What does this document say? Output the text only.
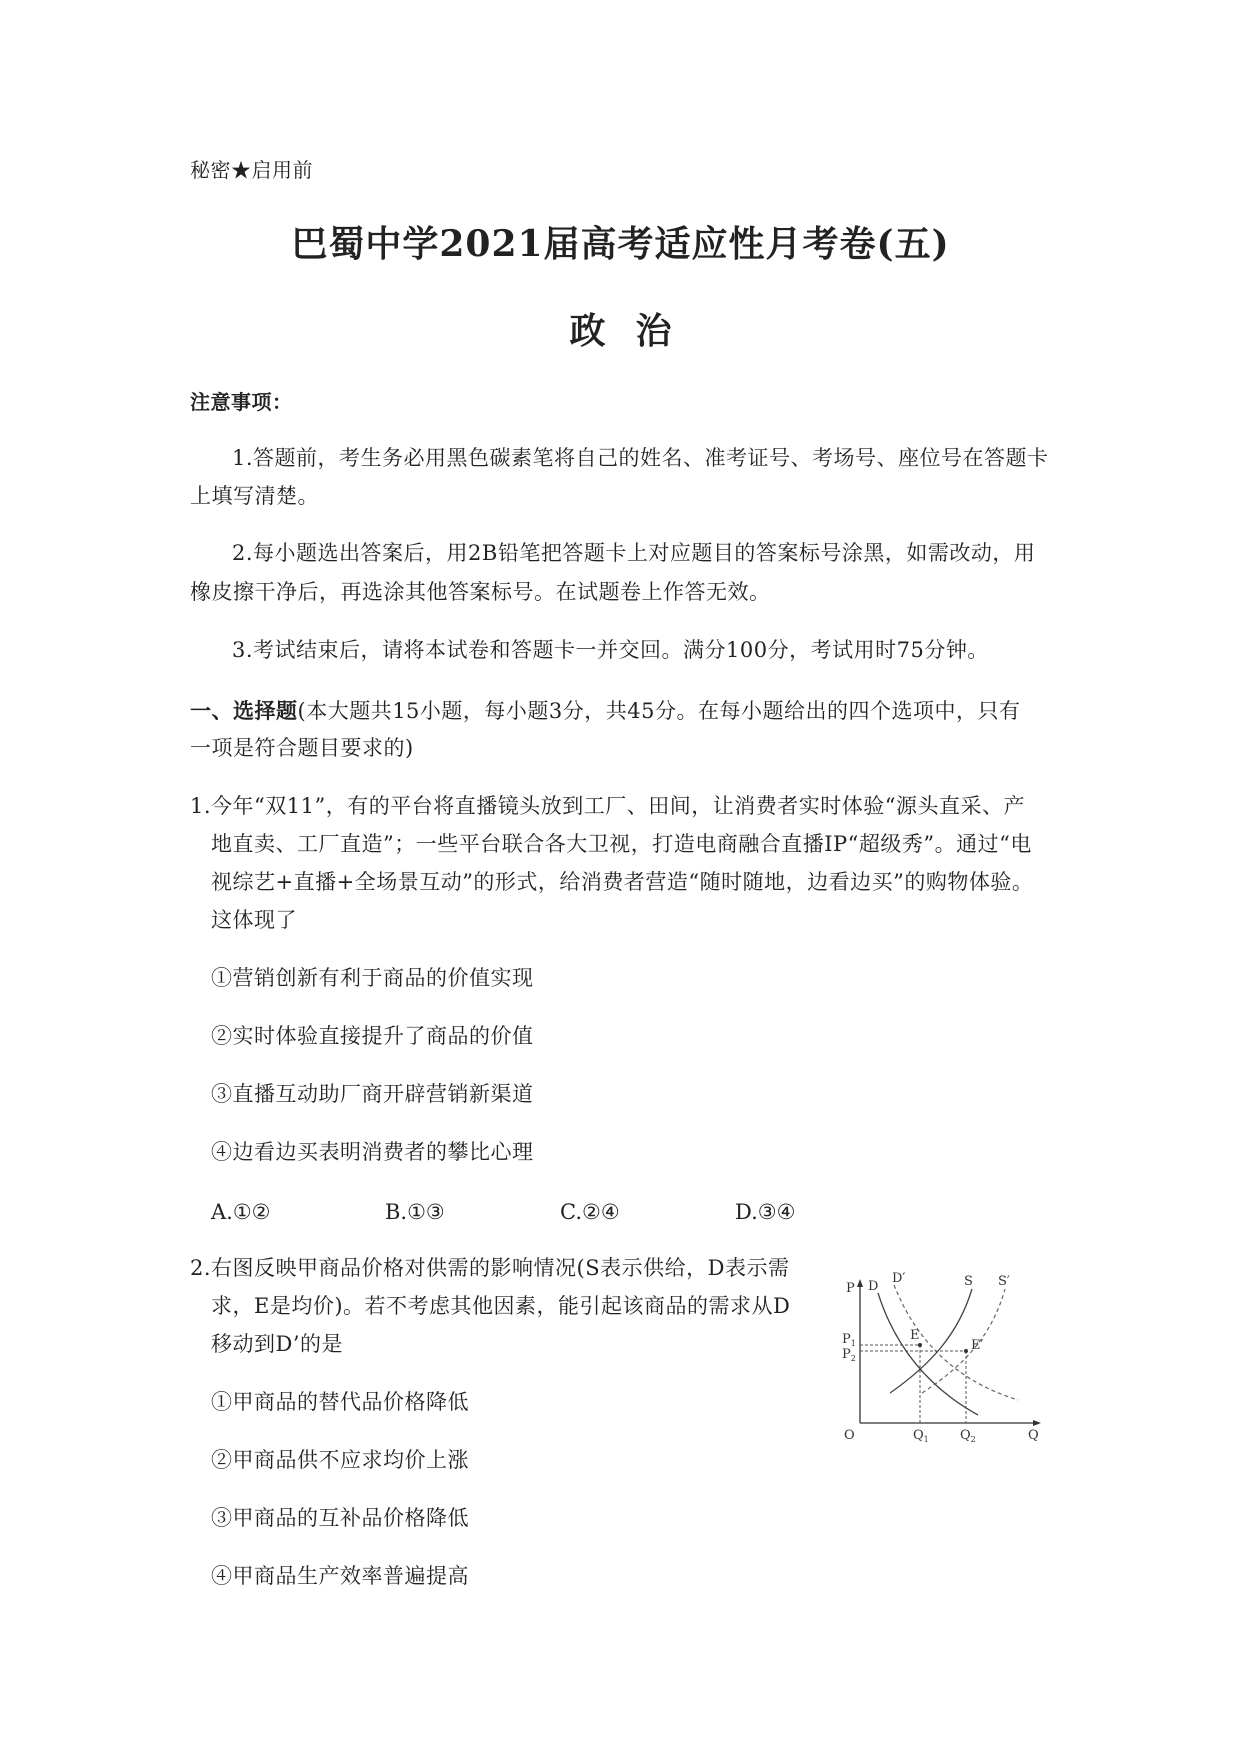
秘密★启用前
巴蜀中学2021届高考适应性月考卷(五)
政治
注意事项：
1.答题前，考生务必用黑色碳素笔将自己的姓名、准考证号、考场号、座位号在答题卡
上填写清楚。
2.每小题选出答案后，用2B铅笔把答题卡上对应题目的答案标号涂黑，如需改动，用
橡皮擦干净后，再选涂其他答案标号。在试题卷上作答无效。
3.考试结束后，请将本试卷和答题卡一并交回。满分100分，考试用时75分钟。
一、选择题(本大题共15小题，每小题3分，共45分。在每小题给出的四个选项中，只有
一项是符合题目要求的)
1.今年“双11”，有的平台将直播镜头放到工厂、田间，让消费者实时体验“源头直采、产
地直卖、工厂直造”；一些平台联合各大卫视，打造电商融合直播IP“超级秀”。通过“电
视综艺+直播+全场景互动”的形式，给消费者营造“随时随地，边看边买”的购物体验。
这体现了
①营销创新有利于商品的价值实现
②实时体验直接提升了商品的价值
③直播互动助厂商开辟营销新渠道
④边看边买表明消费者的攀比心理
A.①②	B.①③	C.②④	D.③④
2.右图反映甲商品价格对供需的影响情况(S表示供给，D表示需
求，E是均价)。若不考虑其他因素，能引起该商品的需求从D
移动到D’的是
①甲商品的替代品价格降低
②甲商品供不应求均价上涨
③甲商品的互补品价格降低
④甲商品生产效率普遍提高
P D
D′	S S′
E
E′
$P_1$
$P_2$
O	$Q_1$ $Q_2$	Q
